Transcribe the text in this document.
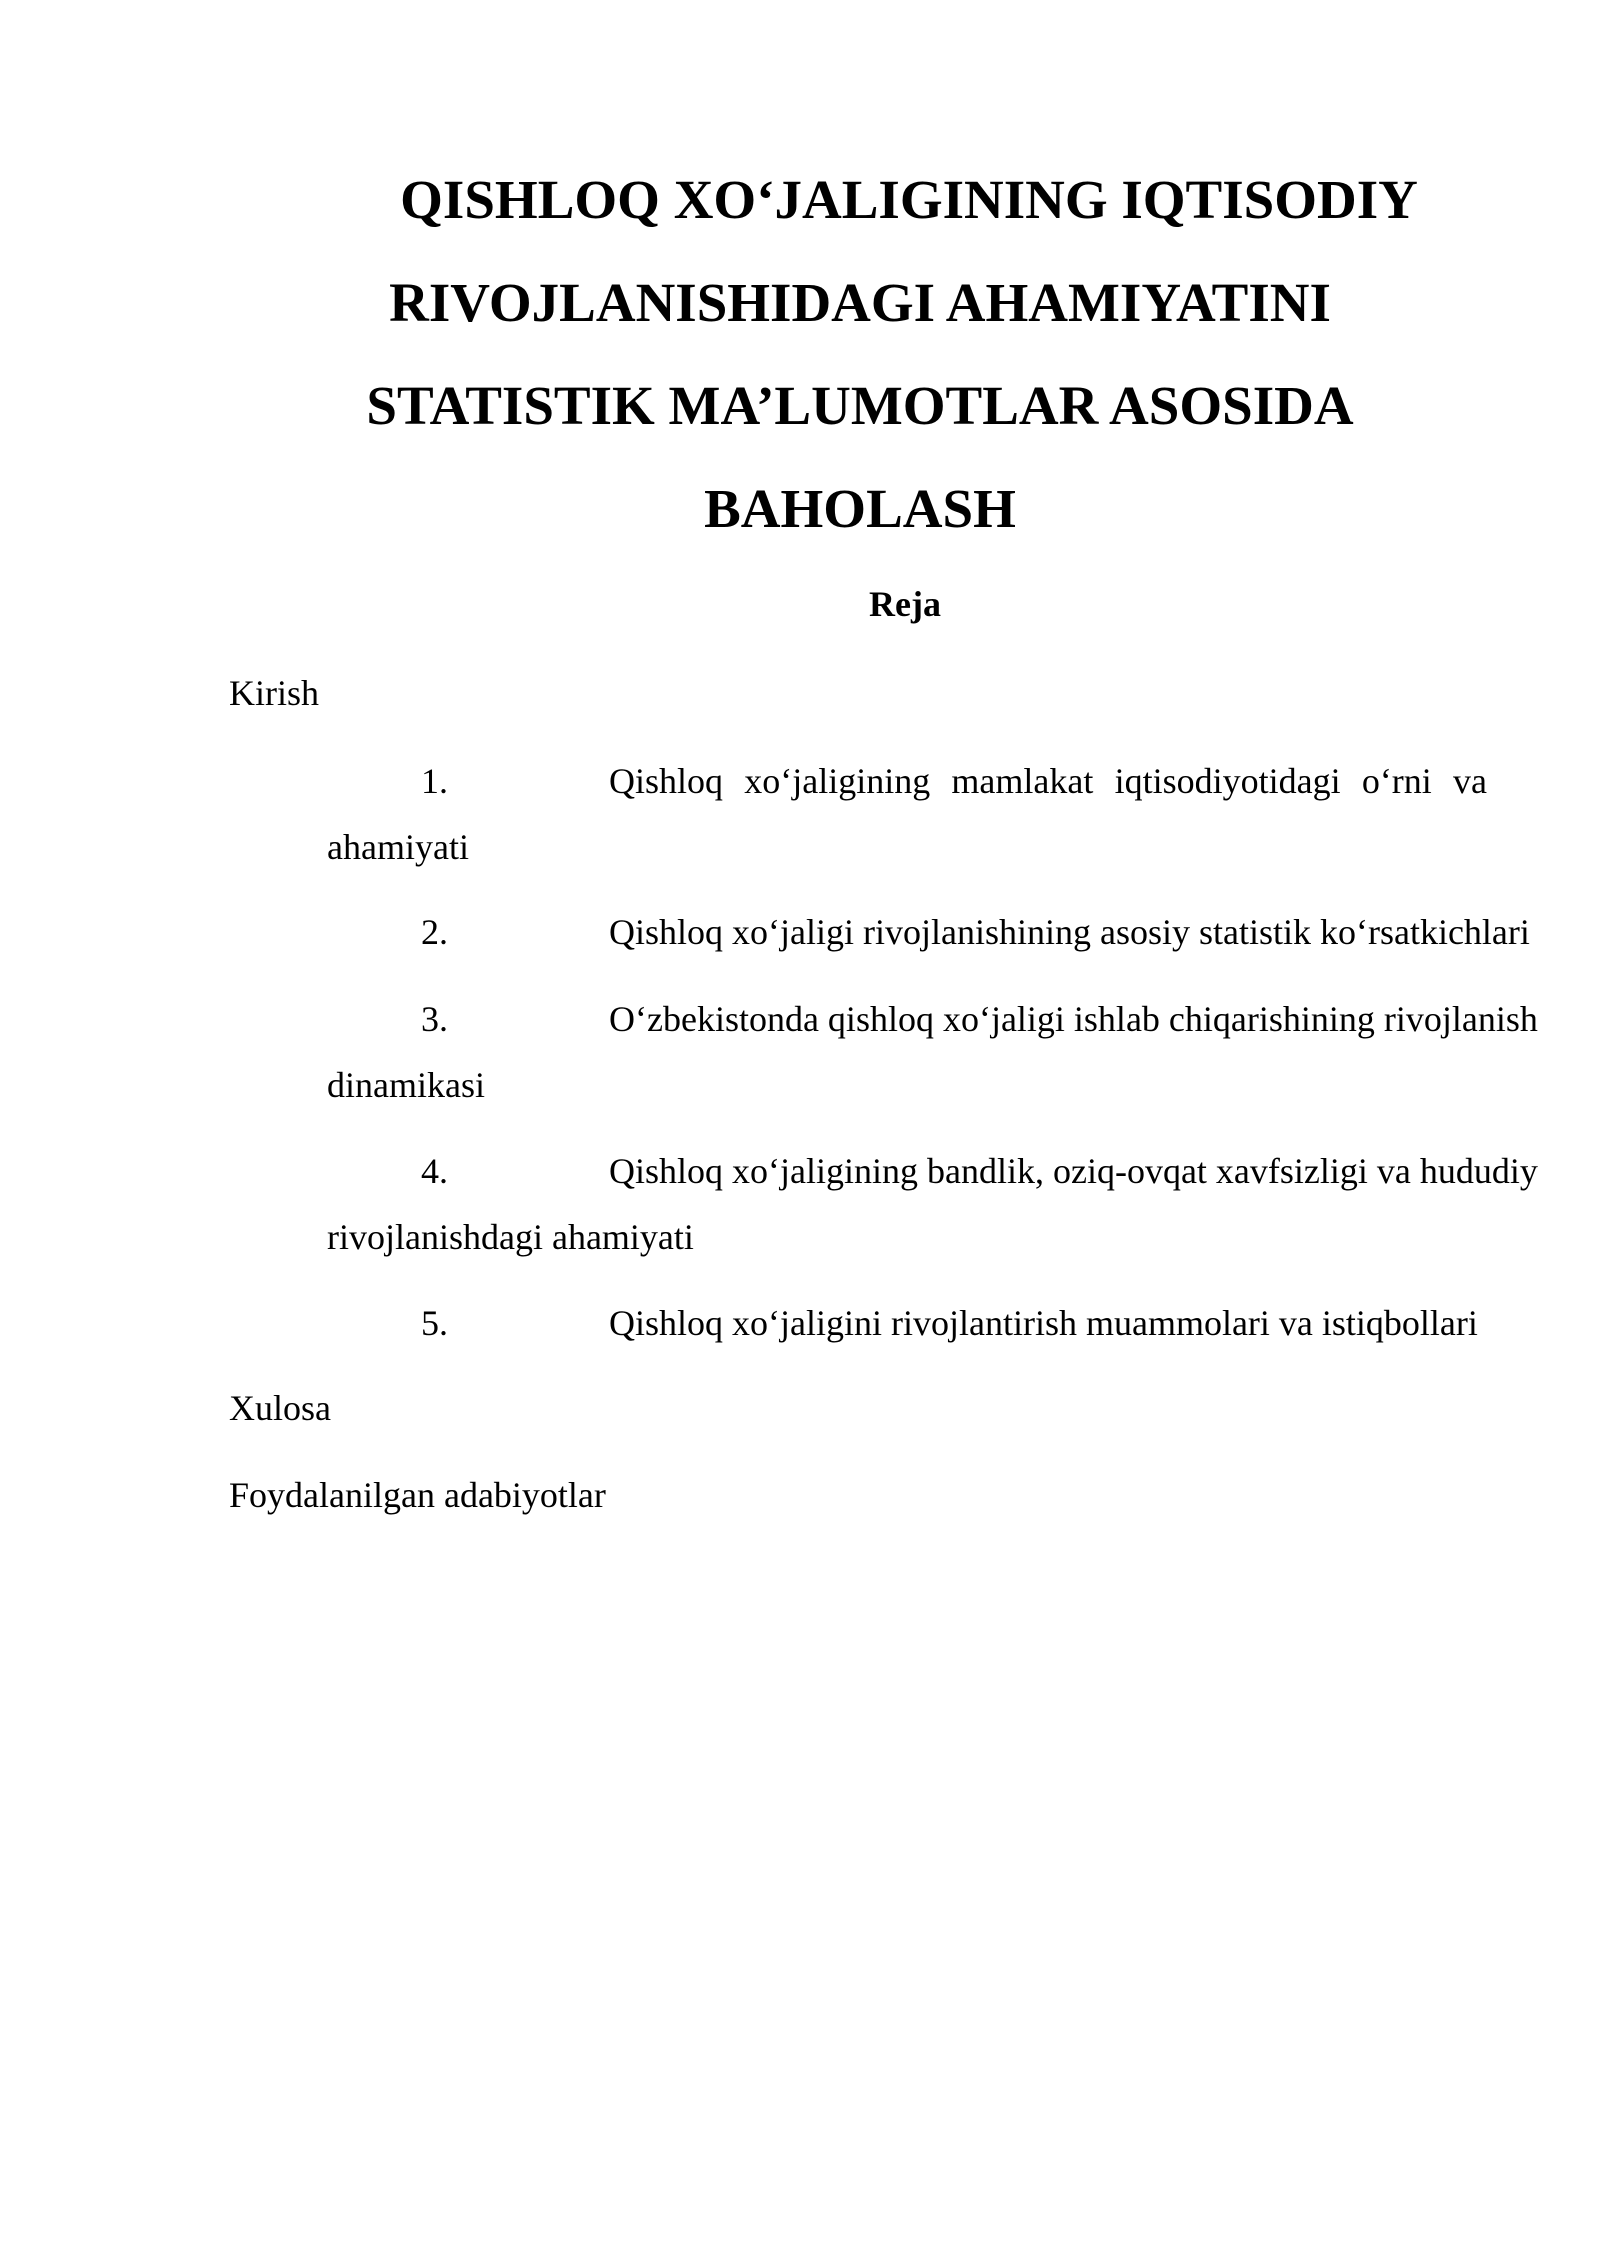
QISHLOQ XO‘JALIGINING IQTISODIY
RIVOJLANISHIDAGI AHAMIYATINI
STATISTIK MA’LUMOTLAR ASOSIDA
BAHOLASH
Reja
Kirish
1.	Qishloq xo‘jaligining mamlakat iqtisodiyotidagi o‘rni va
ahamiyati
2.	Qishloq xo‘jaligi rivojlanishining asosiy statistik ko‘rsatkichlari
3.	O‘zbekistonda qishloq xo‘jaligi ishlab chiqarishining rivojlanish
dinamikasi
4.	Qishloq xo‘jaligining bandlik, oziq-ovqat xavfsizligi va hududiy
rivojlanishdagi ahamiyati
5.	Qishloq xo‘jaligini rivojlantirish muammolari va istiqbollari
Xulosa
Foydalanilgan adabiyotlar
